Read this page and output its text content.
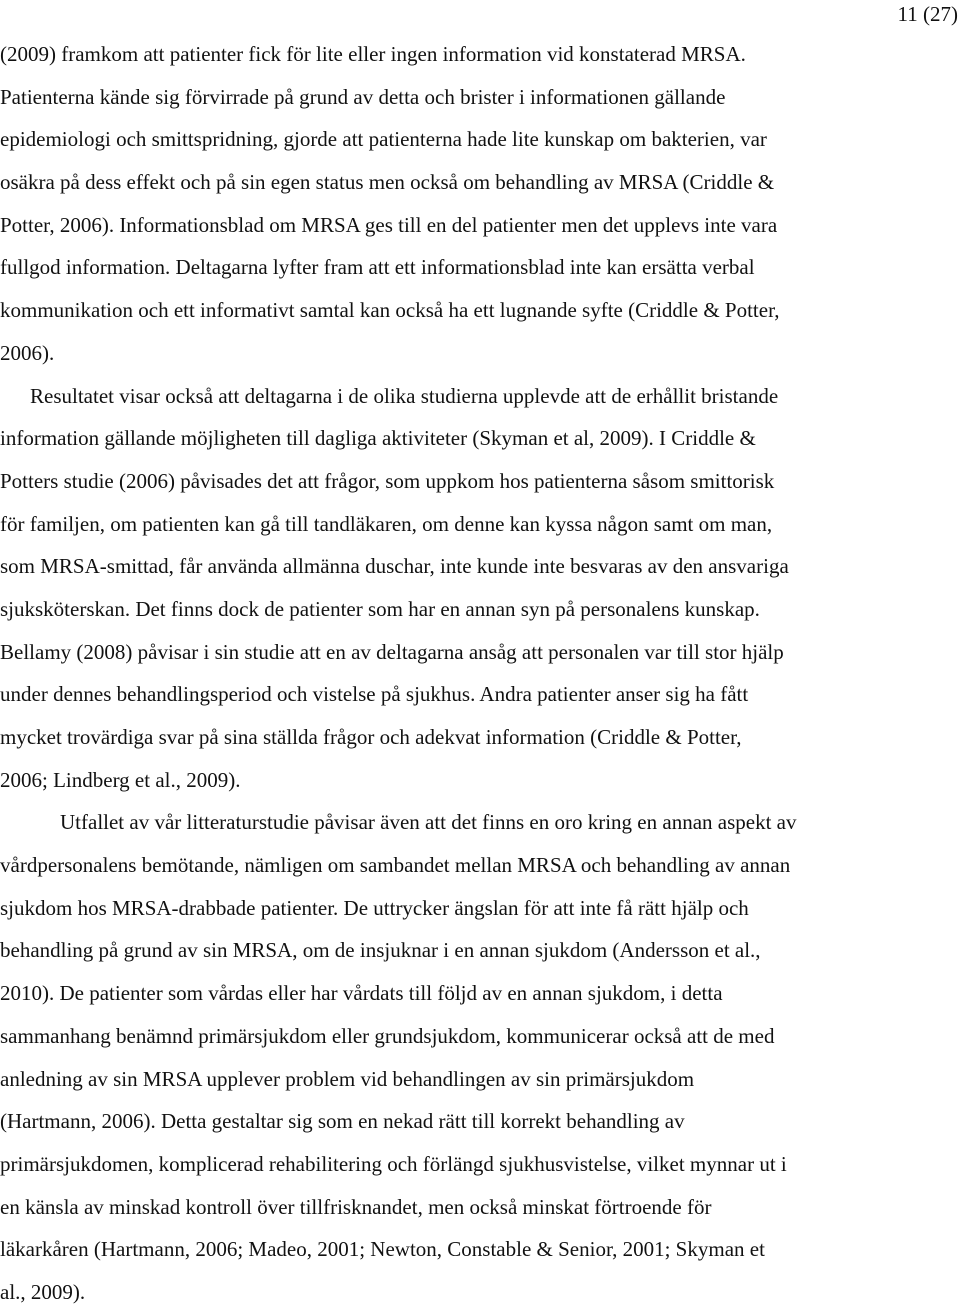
11 (27)
(2009) framkom att patienter fick för lite eller ingen information vid konstaterad MRSA.
Patienterna kände sig förvirrade på grund av detta och brister i informationen gällande
epidemiologi och smittspridning, gjorde att patienterna hade lite kunskap om bakterien, var
osäkra på dess effekt och på sin egen status men också om behandling av MRSA (Criddle &
Potter, 2006). Informationsblad om MRSA ges till en del patienter men det upplevs inte vara
fullgod information. Deltagarna lyfter fram att ett informationsblad inte kan ersätta verbal
kommunikation och ett informativt samtal kan också ha ett lugnande syfte (Criddle & Potter,
2006).
Resultatet visar också att deltagarna i de olika studierna upplevde att de erhållit bristande
information gällande möjligheten till dagliga aktiviteter (Skyman et al, 2009). I Criddle &
Potters studie (2006) påvisades det att frågor, som uppkom hos patienterna såsom smittorisk
för familjen, om patienten kan gå till tandläkaren, om denne kan kyssa någon samt om man,
som MRSA-smittad, får använda allmänna duschar, inte kunde inte besvaras av den ansvariga
sjuksköterskan. Det finns dock de patienter som har en annan syn på personalens kunskap.
Bellamy (2008) påvisar i sin studie att en av deltagarna ansåg att personalen var till stor hjälp
under dennes behandlingsperiod och vistelse på sjukhus. Andra patienter anser sig ha fått
mycket trovärdiga svar på sina ställda frågor och adekvat information (Criddle & Potter,
2006; Lindberg et al., 2009).
Utfallet av vår litteraturstudie påvisar även att det finns en oro kring en annan aspekt av
vårdpersonalens bemötande, nämligen om sambandet mellan MRSA och behandling av annan
sjukdom hos MRSA-drabbade patienter. De uttrycker ängslan för att inte få rätt hjälp och
behandling på grund av sin MRSA, om de insjuknar i en annan sjukdom (Andersson et al.,
2010). De patienter som vårdas eller har vårdats till följd av en annan sjukdom, i detta
sammanhang benämnd primärsjukdom eller grundsjukdom, kommunicerar också att de med
anledning av sin MRSA upplever problem vid behandlingen av sin primärsjukdom
(Hartmann, 2006). Detta gestaltar sig som en nekad rätt till korrekt behandling av
primärsjukdomen, komplicerad rehabilitering och förlängd sjukhusvistelse, vilket mynnar ut i
en känsla av minskad kontroll över tillfrisknandet, men också minskat förtroende för
läkarkåren (Hartmann, 2006; Madeo, 2001; Newton, Constable & Senior, 2001; Skyman et
al., 2009).
